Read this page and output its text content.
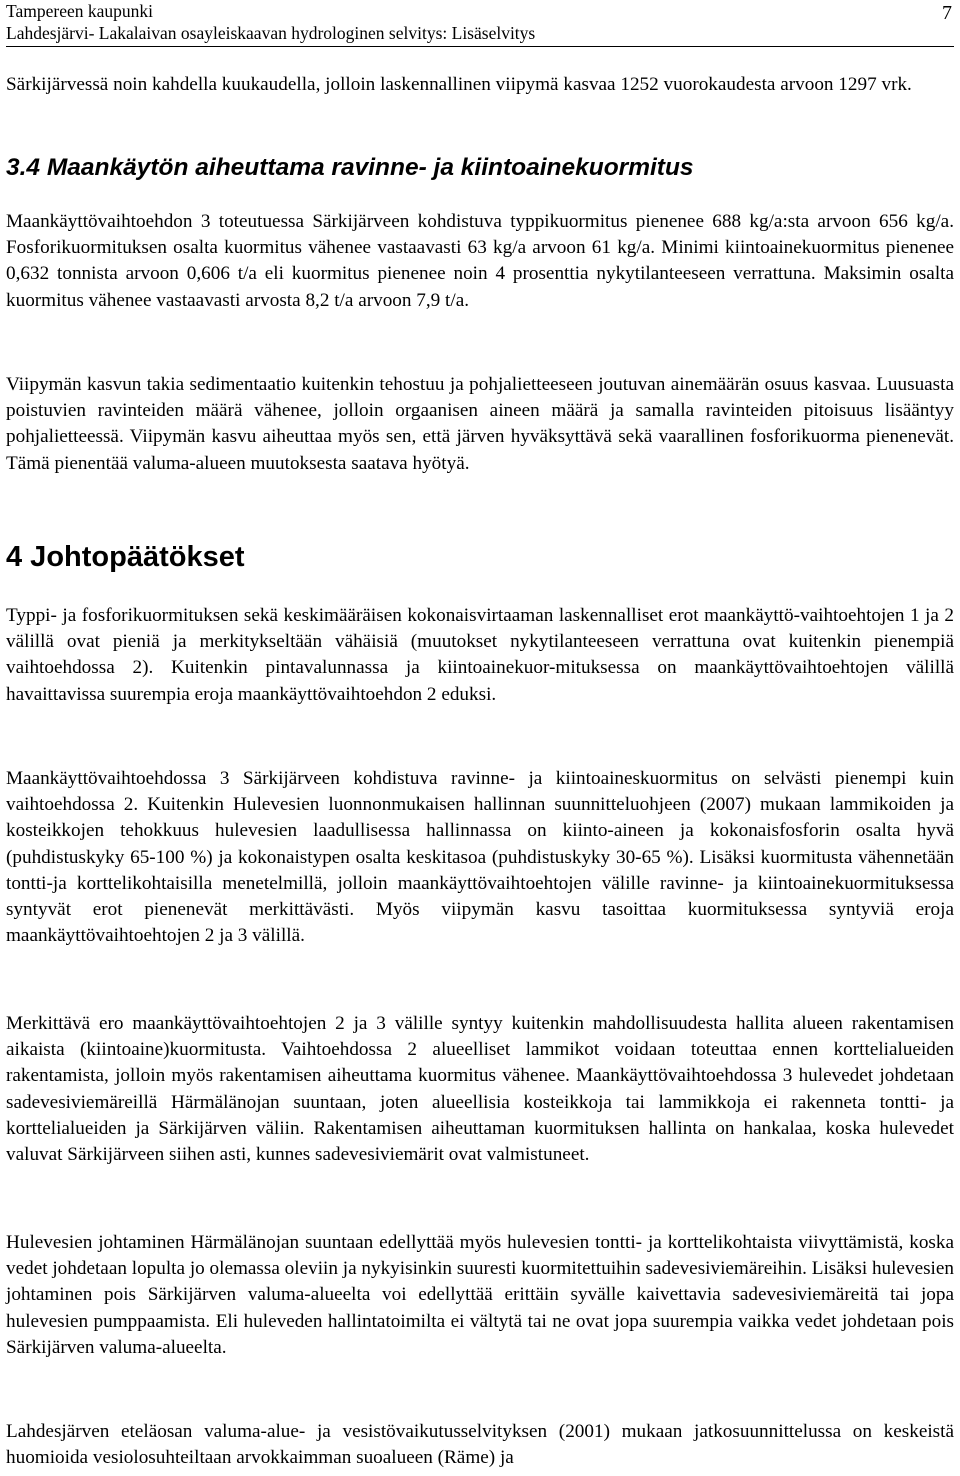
Tampereen kaupunki
Lahdesjärvi- Lakalaivan osayleiskaavan hydrologinen selvitys: Lisäselvitys
7

Särkijärvessä noin kahdella kuukaudella, jolloin laskennallinen viipymä kasvaa 1252 vuorokaudesta arvoon 1297 vrk.

3.4 Maankäytön aiheuttama ravinne- ja kiintoainekuormitus

Maankäyttövaihtoehdon 3 toteutuessa Särkijärveen kohdistuva typpikuormitus pienenee 688 kg/a:sta arvoon 656 kg/a. Fosforikuormituksen osalta kuormitus vähenee vastaavasti 63 kg/a arvoon 61 kg/a. Minimi kiintoainekuormitus pienenee 0,632 tonnista arvoon 0,606 t/a eli kuormitus pienenee noin 4 prosenttia nykytilanteeseen verrattuna. Maksimin osalta kuormitus vähenee vastaavasti arvosta 8,2 t/a arvoon 7,9 t/a.

Viipymän kasvun takia sedimentaatio kuitenkin tehostuu ja pohjalietteeseen joutuvan ainemäärän osuus kasvaa. Luusuasta poistuvien ravinteiden määrä vähenee, jolloin orgaanisen aineen määrä ja samalla ravinteiden pitoisuus lisääntyy pohjalietteessä. Viipymän kasvu aiheuttaa myös sen, että järven hyväksyttävä sekä vaarallinen fosforikuorma pienenevät. Tämä pienentää valuma-alueen muutoksesta saatava hyötyä.

4 Johtopäätökset

Typpi- ja fosforikuormituksen sekä keskimääräisen kokonaisvirtaaman laskennalliset erot maankäyttö-vaihtoehtojen 1 ja 2 välillä ovat pieniä ja merkitykseltään vähäisiä (muutokset nykytilanteeseen verrattuna ovat kuitenkin pienempiä vaihtoehdossa 2). Kuitenkin pintavalunnassa ja kiintoainekuor-mituksessa on maankäyttövaihtoehtojen välillä havaittavissa suurempia eroja maankäyttövaihtoehdon 2 eduksi.

Maankäyttövaihtoehdossa 3 Särkijärveen kohdistuva ravinne- ja kiintoaineskuormitus on selvästi pienempi kuin vaihtoehdossa 2. Kuitenkin Hulevesien luonnonmukaisen hallinnan suunnitteluohjeen (2007) mukaan lammikoiden ja kosteikkojen tehokkuus hulevesien laadullisessa hallinnassa on kiinto-aineen ja kokonaisfosforin osalta hyvä (puhdistuskyky 65-100 %) ja kokonaistypen osalta keskitasoa (puhdistuskyky 30-65 %). Lisäksi kuormitusta vähennetään tontti-ja korttelikohtaisilla menetelmillä, jolloin maankäyttövaihtoehtojen välille ravinne- ja kiintoainekuormituksessa syntyvät erot pienenevät merkittävästi. Myös viipymän kasvu tasoittaa kuormituksessa syntyviä eroja maankäyttövaihtoehtojen 2 ja 3 välillä.

Merkittävä ero maankäyttövaihtoehtojen 2 ja 3 välille syntyy kuitenkin mahdollisuudesta hallita alueen rakentamisen aikaista (kiintoaine)kuormitusta. Vaihtoehdossa 2 alueelliset lammikot voidaan toteuttaa ennen korttelialueiden rakentamista, jolloin myös rakentamisen aiheuttama kuormitus vähenee. Maankäyttövaihtoehdossa 3 hulevedet johdetaan sadevesiviemäreillä Härmälänojan suuntaan, joten alueellisia kosteikkoja tai lammikkoja ei rakenneta tontti- ja korttelialueiden ja Särkijärven väliin. Rakentamisen aiheuttaman kuormituksen hallinta on hankalaa, koska hulevedet valuvat Särkijärveen siihen asti, kunnes sadevesiviemärit ovat valmistuneet.

Hulevesien johtaminen Härmälänojan suuntaan edellyttää myös hulevesien tontti- ja korttelikohtaista viivyttämistä, koska vedet johdetaan lopulta jo olemassa oleviin ja nykyisinkin suuresti kuormitettuihin sadevesiviemäreihin. Lisäksi hulevesien johtaminen pois Särkijärven valuma-alueelta voi edellyttää erittäin syvälle kaivettavia sadevesiviemäreitä tai jopa hulevesien pumppaamista. Eli huleveden hallintatoimilta ei vältytä tai ne ovat jopa suurempia vaikka vedet johdetaan pois Särkijärven valuma-alueelta.

Lahdesjärven eteläosan valuma-alue- ja vesistövaikutusselvityksen (2001) mukaan jatkosuunnittelussa on keskeistä huomioida vesiolosuhteiltaan arvokkaimman suoalueen (Räme) ja
